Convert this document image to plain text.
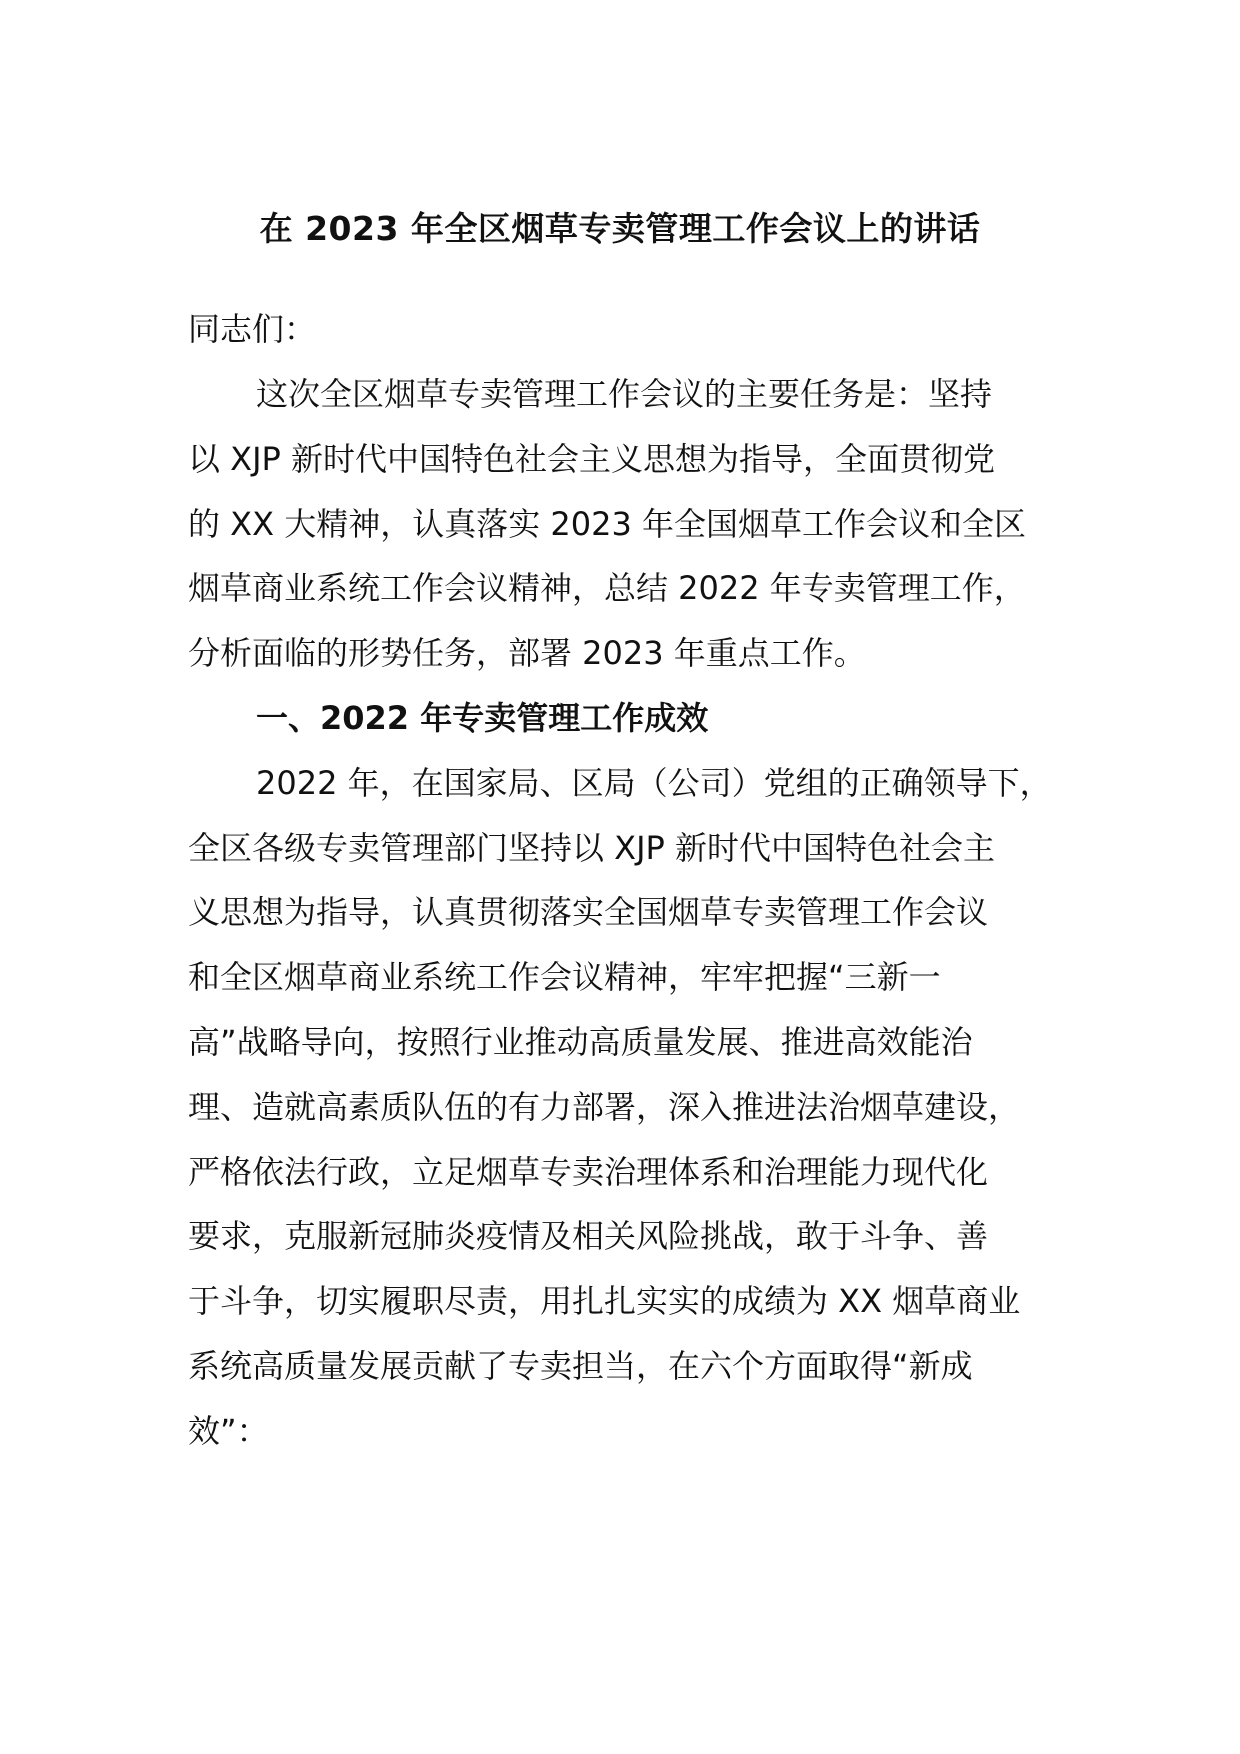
在 2023 年全区烟草专卖管理工作会议上的讲话
同志们：
这次全区烟草专卖管理工作会议的主要任务是：坚持
以 XJP 新时代中国特色社会主义思想为指导，全面贯彻党
的 XX 大精神，认真落实 2023 年全国烟草工作会议和全区
烟草商业系统工作会议精神，总结 2022 年专卖管理工作，
分析面临的形势任务，部署 2023 年重点工作。
一、2022 年专卖管理工作成效
2022 年，在国家局、区局（公司）党组的正确领导下，
全区各级专卖管理部门坚持以 XJP 新时代中国特色社会主
义思想为指导，认真贯彻落实全国烟草专卖管理工作会议
和全区烟草商业系统工作会议精神，牢牢把握“三新一
高”战略导向，按照行业推动高质量发展、推进高效能治
理、造就高素质队伍的有力部署，深入推进法治烟草建设，
严格依法行政，立足烟草专卖治理体系和治理能力现代化
要求，克服新冠肺炎疫情及相关风险挑战，敢于斗争、善
于斗争，切实履职尽责，用扎扎实实的成绩为 XX 烟草商业
系统高质量发展贡献了专卖担当，在六个方面取得“新成
效”：
